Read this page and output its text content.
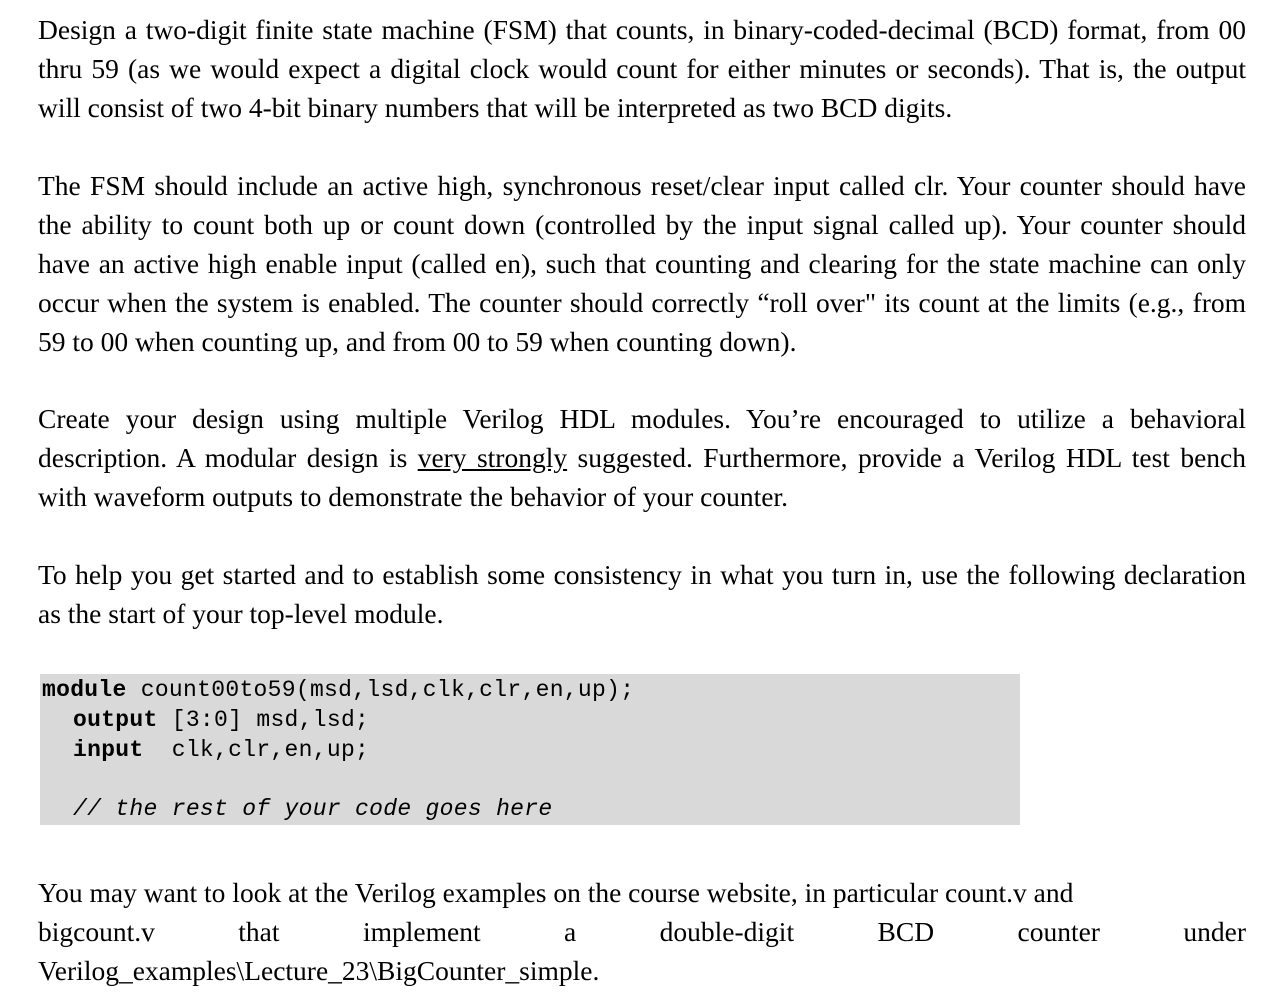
Design a two-digit finite state machine (FSM) that counts, in binary-coded-decimal (BCD) format, from 00 thru 59 (as we would expect a digital clock would count for either minutes or seconds). That is, the output will consist of two 4-bit binary numbers that will be interpreted as two BCD digits.

The FSM should include an active high, synchronous reset/clear input called clr. Your counter should have the ability to count both up or count down (controlled by the input signal called up). Your counter should have an active high enable input (called en), such that counting and clearing for the state machine can only occur when the system is enabled. The counter should correctly “roll over" its count at the limits (e.g., from 59 to 00 when counting up, and from 00 to 59 when counting down).

Create your design using multiple Verilog HDL modules. You’re encouraged to utilize a behavioral description. A modular design is very strongly suggested. Furthermore, provide a Verilog HDL test bench with waveform outputs to demonstrate the behavior of your counter.

To help you get started and to establish some consistency in what you turn in, use the following declaration as the start of your top-level module.

module count00to59(msd,lsd,clk,clr,en,up);
output [3:0] msd,lsd;
input  clk,clr,en,up;
// the rest of your code goes here
You may want to look at the Verilog examples on the course website, in particular count.v and
bigcount.v	that	implement	a	double-digit	BCD	counter	under
Verilog_examples\Lecture_23\BigCounter_simple.
